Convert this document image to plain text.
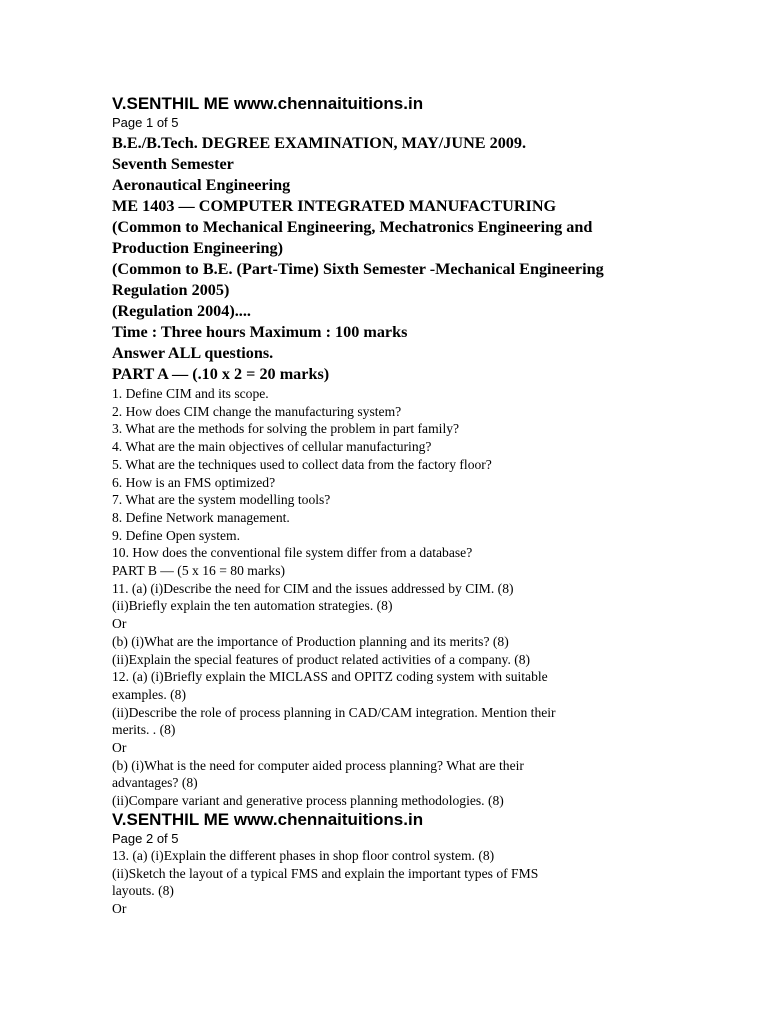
V.SENTHIL ME www.chennaituitions.in

Page 1 of 5

B.E./B.Tech. DEGREE EXAMINATION, MAY/JUNE 2009.

Seventh Semester

Aeronautical Engineering

ME 1403 — COMPUTER INTEGRATED MANUFACTURING

(Common to Mechanical Engineering, Mechatronics Engineering and

Production Engineering)

(Common to B.E. (Part-Time) Sixth Semester -Mechanical Engineering

Regulation 2005)

(Regulation 2004)....

Time : Three hours Maximum : 100 marks

Answer ALL questions.

PART A — (.10 x 2 = 20 marks)

1. Define CIM and its scope.

2. How does CIM change the manufacturing system?

3. What are the methods for solving the problem in part family?

4. What are the main objectives of cellular manufacturing?

5. What are the techniques used to collect data from the factory floor?

6. How is an FMS optimized?

7. What are the system modelling tools?

8. Define Network management.

9. Define Open system.

10. How does the conventional file system differ from a database?

PART B — (5 x 16 = 80 marks)

11. (a) (i)Describe the need for CIM and the issues addressed by CIM. (8)

(ii)Briefly explain the ten automation strategies. (8)

Or

(b) (i)What are the importance of Production planning and its merits? (8)

(ii)Explain the special features of product related activities of a company. (8)

12. (a) (i)Briefly explain the MICLASS and OPITZ coding system with suitable

examples. (8)

(ii)Describe the role of process planning in CAD/CAM integration. Mention their

merits. . (8)

Or

(b) (i)What is the need for computer aided process planning? What are their

advantages? (8)

(ii)Compare variant and generative process planning methodologies. (8)

V.SENTHIL ME www.chennaituitions.in

Page 2 of 5

13. (a) (i)Explain the different phases in shop floor control system. (8)

(ii)Sketch the layout of a typical FMS and explain the important types of FMS

layouts. (8)

Or
